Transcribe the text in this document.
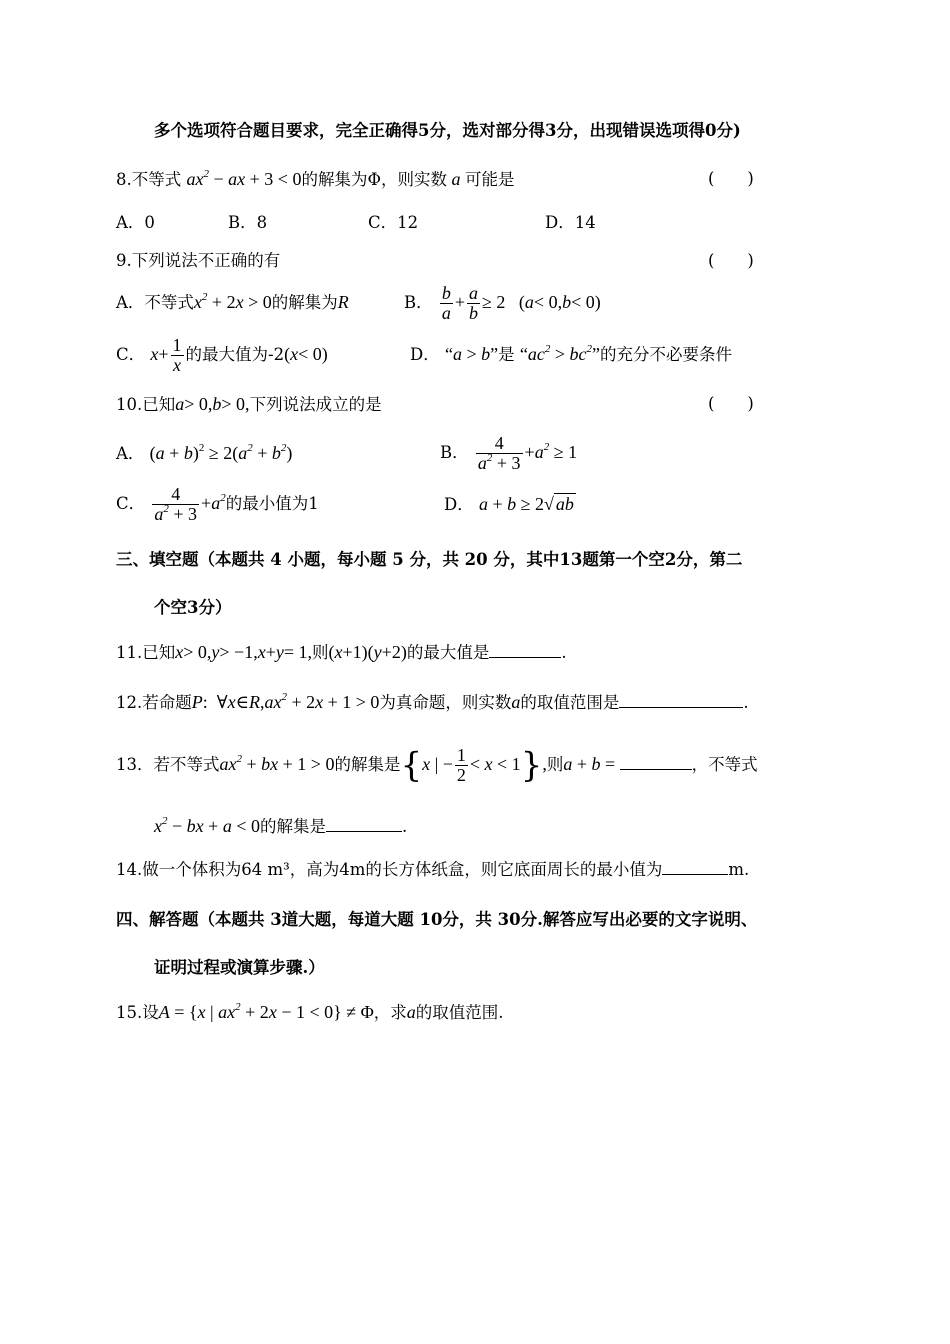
多个选项符合题目要求，完全正确得5分，选对部分得3分，出现错误选项得0分)
8.不等式 $ax^2$ − ax + 3 < 0的解集为Φ，则实数 a 可能是	(　　)
A．0	B．8	C．12	D．14
9.下列说法不正确的有	(　　)
A．不等式$x^2 + 2x > 0$的解集为R	B． $\frac{b}{a} + \frac{a}{b} \ge 2$   (a< 0,b< 0)
C． $x+ \frac{1}{x}$ 的最大值为-2(x< 0)	D． “a > b”是 “$ac^2 > bc^2$”的充分不必要条件
10.已知a> 0,b> 0,下列说法成立的是	(　　)
A． $(a + b)^2 \ge 2(a^2 + b^2)$	B． $\frac{4}{a^2 + 3} +a^2 \ge 1$
C． $\frac{4}{a^2 + 3} +a^2$的最小值为1	D． a + b ≥ 2√ ab
三、填空题（本题共 4 小题，每小题 5 分，共 20 分，其中13题第一个空2分，第二
个空3分）
11.已知x> 0,y> −1,x+y= 1,则(x+1)(y+2)的最大值是	.
12.若命题P:  $\forall x\in R,ax^2 + 2x + 1 > 0$为真命题，则实数a的取值范围是	.
13．若不等式$ax^2$ + bx + 1 > 0的解集是{x | − $\frac{1}{2} < x < 1$},则a + b =	，不等式
$x^2$ − bx + a < 0的解集是	.
14.做一个体积为64 m³，高为4m的长方体纸盒，则它底面周长的最小值为	m.
四、解答题（本题共 3道大题，每道大题 10分，共 30分.解答应写出必要的文字说明、
证明过程或演算步骤.）
15.设A = {x | $ax^2 + 2x - 1 < 0\} \ne \Phi$，求a的取值范围.
